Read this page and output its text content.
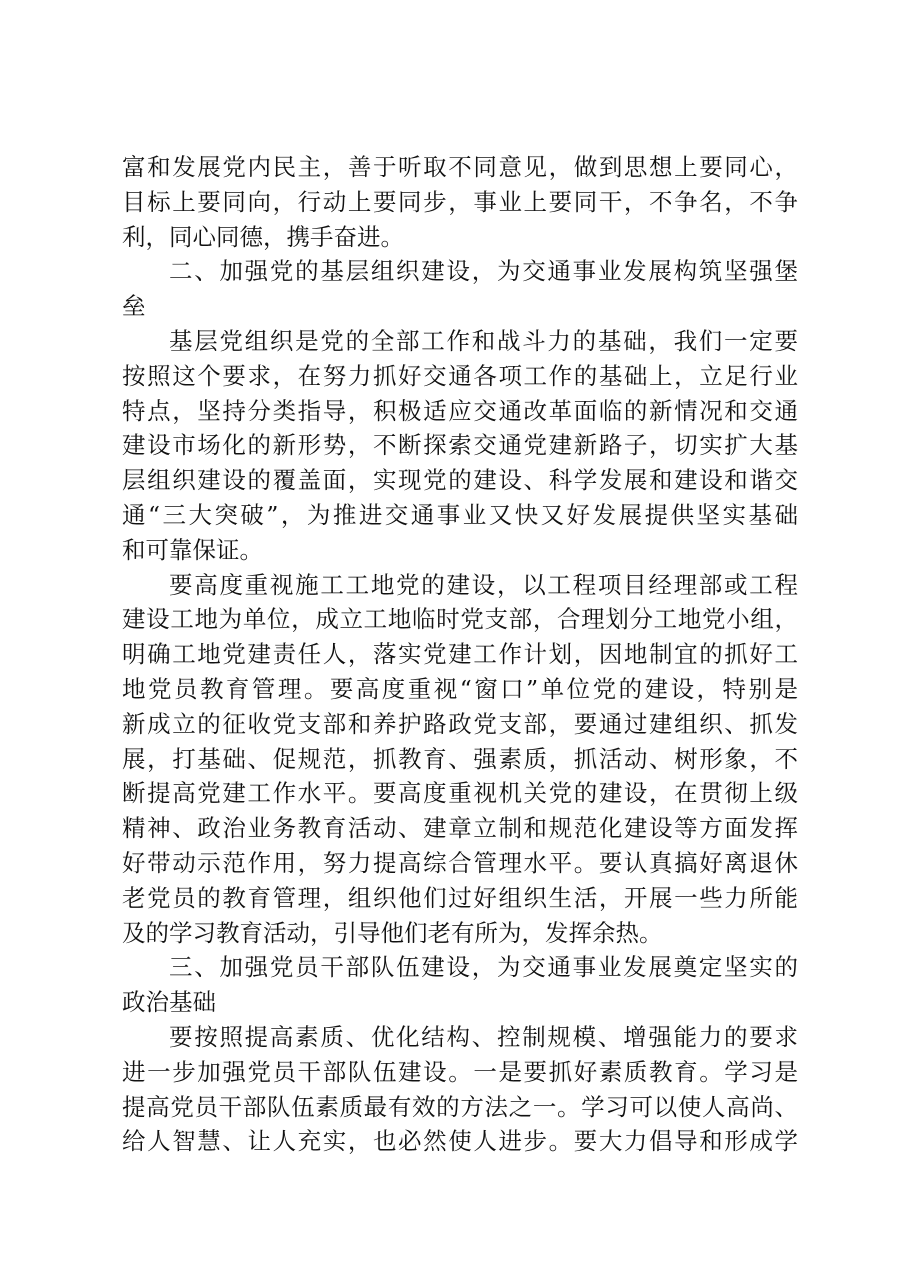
富和发展党内民主，善于听取不同意见，做到思想上要同心，
目标上要同向，行动上要同步，事业上要同干，不争名，不争
利，同心同德，携手奋进。
二、加强党的基层组织建设，为交通事业发展构筑坚强堡
垒
基层党组织是党的全部工作和战斗力的基础，我们一定要
按照这个要求，在努力抓好交通各项工作的基础上，立足行业
特点，坚持分类指导，积极适应交通改革面临的新情况和交通
建设市场化的新形势，不断探索交通党建新路子，切实扩大基
层组织建设的覆盖面，实现党的建设、科学发展和建设和谐交
通“三大突破”，为推进交通事业又快又好发展提供坚实基础
和可靠保证。
要高度重视施工工地党的建设，以工程项目经理部或工程
建设工地为单位，成立工地临时党支部，合理划分工地党小组，
明确工地党建责任人，落实党建工作计划，因地制宜的抓好工
地党员教育管理。要高度重视“窗口”单位党的建设，特别是
新成立的征收党支部和养护路政党支部，要通过建组织、抓发
展，打基础、促规范，抓教育、强素质，抓活动、树形象，不
断提高党建工作水平。要高度重视机关党的建设，在贯彻上级
精神、政治业务教育活动、建章立制和规范化建设等方面发挥
好带动示范作用，努力提高综合管理水平。要认真搞好离退休
老党员的教育管理，组织他们过好组织生活，开展一些力所能
及的学习教育活动，引导他们老有所为，发挥余热。
三、加强党员干部队伍建设，为交通事业发展奠定坚实的
政治基础
要按照提高素质、优化结构、控制规模、增强能力的要求
进一步加强党员干部队伍建设。一是要抓好素质教育。学习是
提高党员干部队伍素质最有效的方法之一。学习可以使人高尚、
给人智慧、让人充实，也必然使人进步。要大力倡导和形成学
